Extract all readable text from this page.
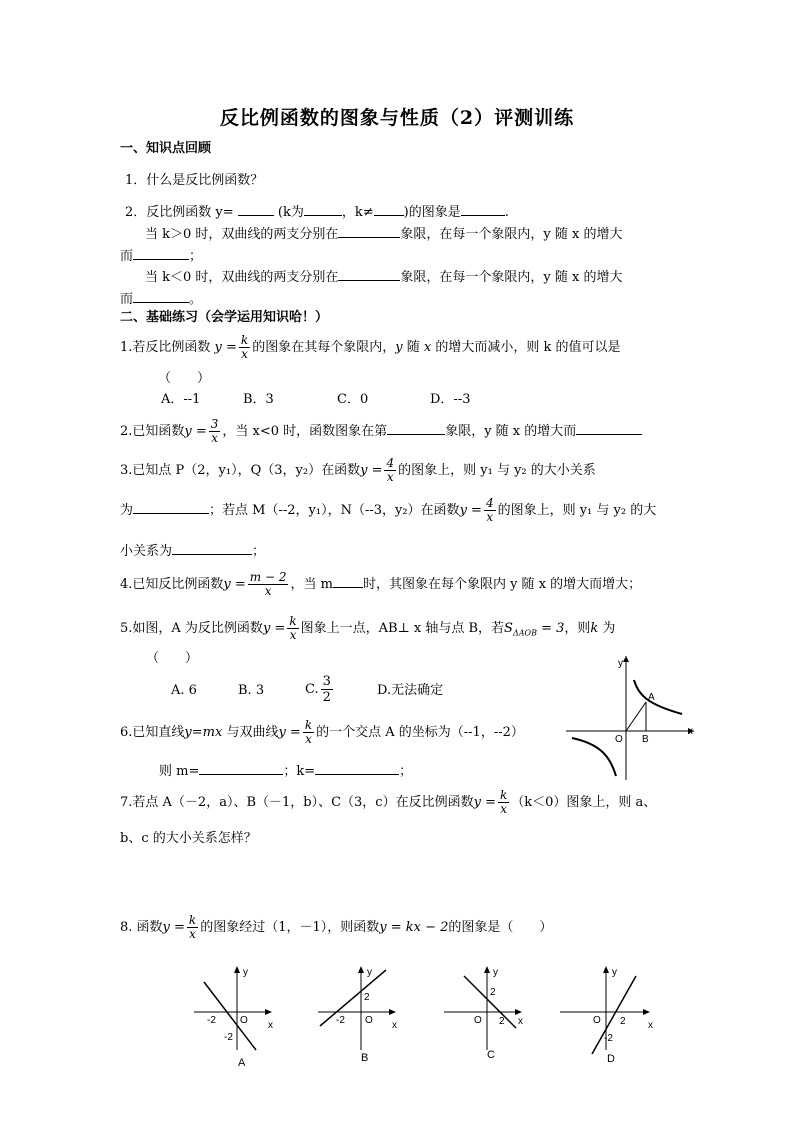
反比例函数的图象与性质（2）评测训练
一、知识点回顾
1．什么是反比例函数？
2．反比例函数 y=	(k为	，k≠ )的图象是	.
当 k＞0 时，双曲线的两支分别在	象限，在每一个象限内，y 随 x 的增大
而	；
当 k＜0 时，双曲线的两支分别在	象限，在每一个象限内，y 随 x 的增大
而	。
二、基础练习（会学运用知识哈！）
1.若反比例函数 $y = \frac{k}{x}$ 的图象在其每个象限内，y 随 x 的增大而减小，则 k 的值可以是
（　　）
A．--1	B．3	C．0	D．--3
2.已知函数$y = \frac{3}{x}$ ，当 x<0 时，函数图象在第	象限，y 随 x 的增大而
3.已知点 P（2，y₁），Q（3，y₂）在函数$y = \frac{4}{x}$ 的图象上，则 y₁ 与 y₂ 的大小关系
为	；若点 M（--2，y₁），N（--3，y₂）在函数$y = \frac{4}{x}$ 的图象上，则 y₁ 与 y₂ 的大
小关系为	；
4.已知反比例函数$y = \frac{m - 2}{x}$ ，当 m 时，其图象在每个象限内 y 随 x 的增大而增大；
5.如图，A 为反比例函数$y = \frac{k}{x}$ 图象上一点，AB⊥ x 轴与点 B，若$S_{\Delta AOB} = 3$，则k 为
（　　）
A. 6	B. 3	C. $\frac{3}{2}$	D.无法确定
y
x
O
A
B
6.已知直线y=mx 与双曲线$y = \frac{k}{x}$ 的一个交点 A 的坐标为（--1，--2）
则 m=	；k=	；
7.若点 A（－2，a）、B（－1，b）、C（3，c）在反比例函数$y = \frac{k}{x} (k<0)$图象上，则 a、
b、c 的大小关系怎样？
8. 函数$y = \frac{k}{x}$ 的图象经过（1，－1），则函数y = kx − 2的图象是（　　）
y
x
O
-2
-2
A
y
x
O
2
-2
B
y
x
O
2
2
C
y
x
O 2
-2
D
